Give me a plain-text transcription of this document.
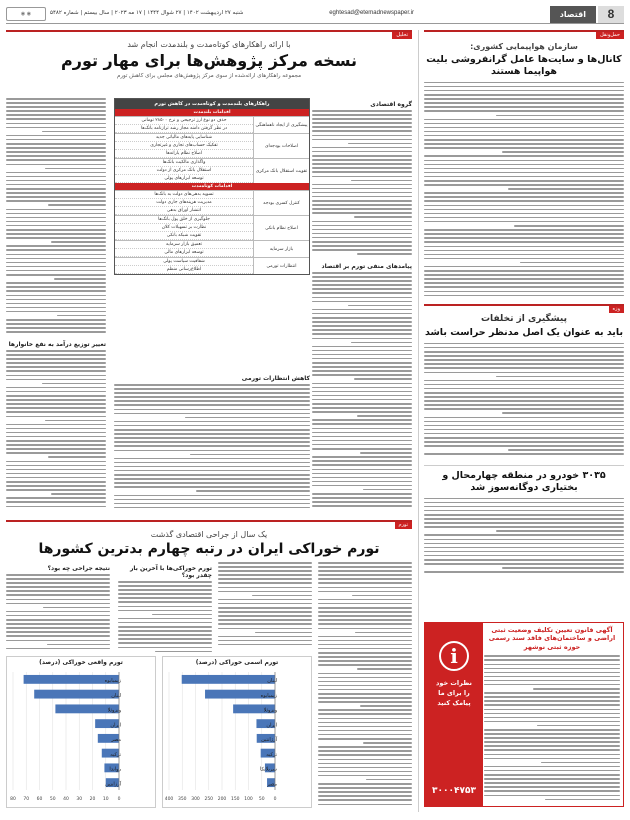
8
اقتصاد
eghtesad@etemadnewspaper.ir
شنبه ۲۷ اردیبهشت ۱۴۰۲ | ۲۷ شوال ۱۴۴۴ | ۱۷ مه ۲۰۲۳ | سال بیستم | شماره ۵۴۸۲
◉ ◉
حمل‌ونقل
سازمان هواپیمایی کشوری:
کانال‌ها و سایت‌ها عامل گرانفروشی بلیت هواپیما هستند
وزه
پیشگیری از تخلفات
باید به عنوان یک اصل مدنظر حراست باشد
۳۰۳۵ خودرو در منطقه چهارمحال و بختیاری دوگانه‌سوز شد
آگهی قانون تعیین تکلیف وضعیت ثبتی اراضی و ساختمان‌های فاقد سند رسمی حوزه ثبتی نوشهر
i
نظرات خود
را برای ما
پیامک کنید
۳۰۰۰۴۷۵۳
تحلیل
با ارائه راهکارهای کوتاه‌مدت و بلندمدت انجام شد
نسخه مرکز پژوهش‌ها برای مهار تورم
مجموعه راهکارهای ارائه‌شده از سوی مرکز پژوهش‌های مجلس برای کاهش تورم
گروه اقتصادی
پیامدهای منفی تورم بر اقتصاد
راهکارهای بلندمدت و کوتاه‌مدت در کاهش تورم
اقدامات بلندمدت
پیشگیری از ایجاد ناهماهنگی
حذف دو نوع ارز ترجیحی و نرخ ۲۸۵۰۰ تومانی
در نظر گرفتن دامنه مجاز رشد ترازنامه بانک‌ها
اصلاحات بودجه‌ای
شناسایی پایه‌های مالیاتی جدید
تفکیک حساب‌های تجاری و غیرتجاری
اصلاح نظام یارانه‌ها
تقویت استقلال بانک مرکزی
واگذاری مالکیت بانک‌ها
استقلال بانک مرکزی از دولت
توسعه ابزارهای پولی
اقدامات کوتاه‌مدت
کنترل کسری بودجه
تسویه بدهی‌های دولت به بانک‌ها
مدیریت هزینه‌های جاری دولت
انتشار اوراق بدهی
اصلاح نظام بانکی
جلوگیری از خلق پول بانک‌ها
نظارت بر تسهیلات کلان
تقویت شبکه بانکی
بازار سرمایه
تعمیق بازار سرمایه
توسعه ابزارهای مالی
انتظارات تورمی
شفافیت سیاست پولی
اطلاع‌رسانی منظم
تغییر توزیع درآمد به نفع خانوارها
کاهش انتظارات تورمی
تورم
یک سال از جراحی اقتصادی گذشت
تورم خوراکی ایران در رتبه چهارم بدترین کشورها
تورم خوراکی‌ها با آخرین بار چقدر بود؟
نتیجه جراحی چه بود؟
تورم اسمی خوراکی (درصد)
0
50
100
150
200
250
300
350
400
لبنان
زیمبابوه
ونزوئلا
ایران
آرژانتین
ترکیه
سریلانکا
مصر
تورم واقعی خوراکی (درصد)
0
10
20
30
40
50
60
70
80
زیمبابوه
لبنان
ونزوئلا
ایران
مصر
ترکیه
رواندا
آرژانتین
